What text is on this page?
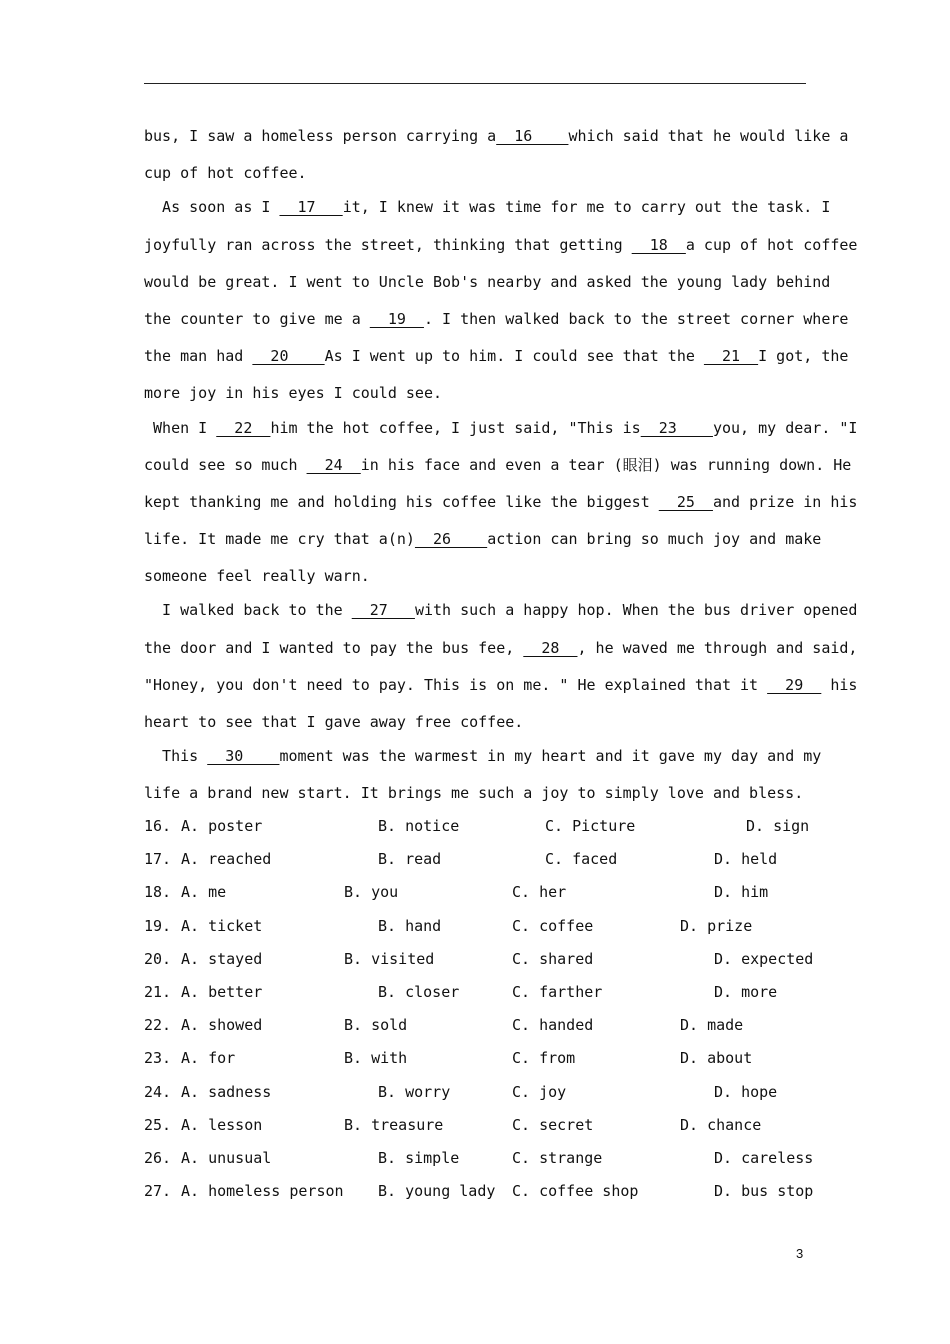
bus, I saw a homeless person carrying a  16    which said that he would like a
cup of hot coffee.
As soon as I   17   it, I knew it was time for me to carry out the task. I
joyfully ran across the street, thinking that getting   18  a cup of hot coffee
would be great. I went to Uncle Bob's nearby and asked the young lady behind
the counter to give me a   19  . I then walked back to the street corner where
the man had   20    As I went up to him. I could see that the   21  I got, the
more joy in his eyes I could see.
When I   22  him the hot coffee, I just said, "This is  23    you, my dear. "I
could see so much   24  in his face and even a tear (眼泪) was running down. He
kept thanking me and holding his coffee like the biggest   25  and prize in his
life. It made me cry that a(n)  26    action can bring so much joy and make
someone feel really warn.
I walked back to the   27   with such a happy hop. When the bus driver opened
the door and I wanted to pay the bus fee,   28  , he waved me through and said,
"Honey, you don't need to pay. This is on me. " He explained that it   29   his
heart to see that I gave away free coffee.
This   30    moment was the warmest in my heart and it gave my day and my
life a brand new start. It brings me such a joy to simply love and bless.
16. A. poster	B. notice	C. Picture	D. sign
17. A. reached	B. read	C. faced	D. held
18. A. me	B. you	C. her	D. him
19. A. ticket	B. hand	C. coffee	D. prize
20. A. stayed	B. visited	C. shared	D. expected
21. A. better	B. closer	C. farther	D. more
22. A. showed	B. sold	C. handed	D. made
23. A. for	B. with	C. from	D. about
24. A. sadness	B. worry	C. joy	D. hope
25. A. lesson	B. treasure	C. secret	D. chance
26. A. unusual	B. simple	C. strange	D. careless
27. A. homeless person B. young lady C. coffee shop	D. bus stop
3
